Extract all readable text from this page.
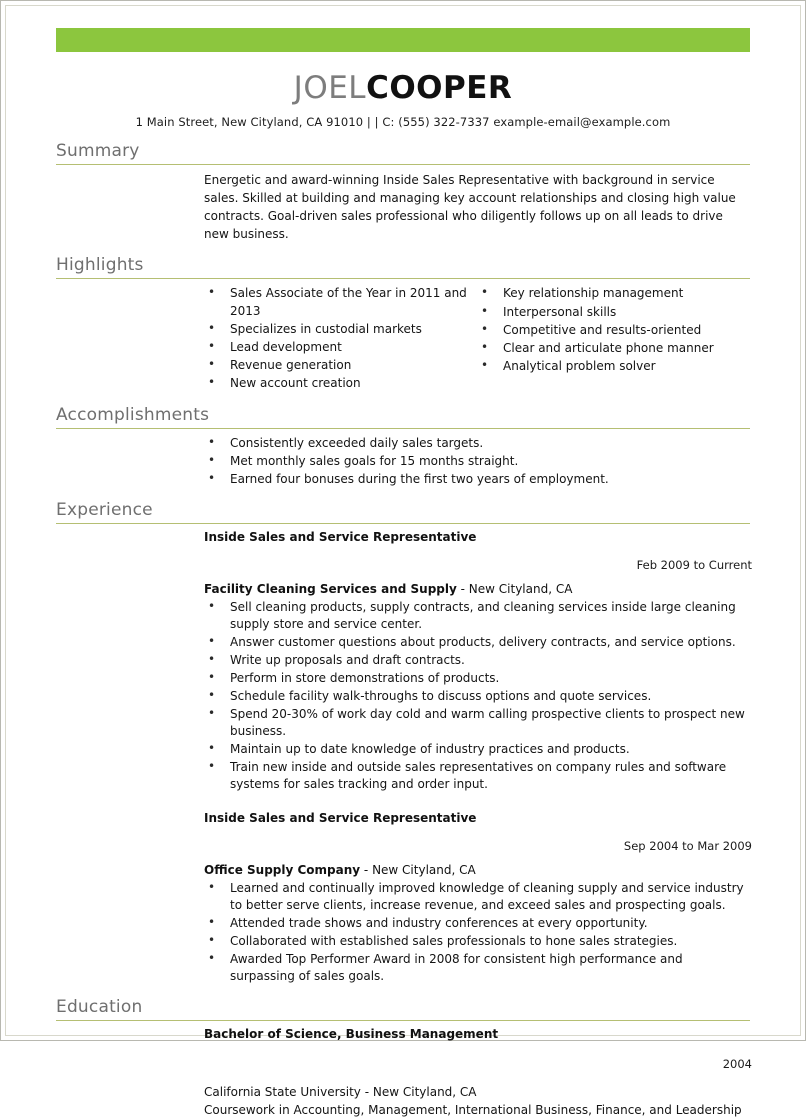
JOELCOOPER
1 Main Street, New Cityland, CA 91010 | | C: (555) 322-7337 example-email@example.com
Summary
Energetic and award-winning Inside Sales Representative with background in service sales. Skilled at building and managing key account relationships and closing high value contracts. Goal-driven sales professional who diligently follows up on all leads to drive new business.
Highlights
• Sales Associate of the Year in 2011 and 2013
• Specializes in custodial markets
• Lead development
• Revenue generation
• New account creation
• Key relationship management
• Interpersonal skills
• Competitive and results-oriented
• Clear and articulate phone manner
• Analytical problem solver
Accomplishments
• Consistently exceeded daily sales targets.
• Met monthly sales goals for 15 months straight.
• Earned four bonuses during the first two years of employment.
Experience
Inside Sales and Service Representative
Feb 2009 to Current
Facility Cleaning Services and Supply - New Cityland, CA
• Sell cleaning products, supply contracts, and cleaning services inside large cleaning supply store and service center.
• Answer customer questions about products, delivery contracts, and service options.
• Write up proposals and draft contracts.
• Perform in store demonstrations of products.
• Schedule facility walk-throughs to discuss options and quote services.
• Spend 20-30% of work day cold and warm calling prospective clients to prospect new business.
• Maintain up to date knowledge of industry practices and products.
• Train new inside and outside sales representatives on company rules and software systems for sales tracking and order input.
Inside Sales and Service Representative
Sep 2004 to Mar 2009
Office Supply Company - New Cityland, CA
• Learned and continually improved knowledge of cleaning supply and service industry to better serve clients, increase revenue, and exceed sales and prospecting goals.
• Attended trade shows and industry conferences at every opportunity.
• Collaborated with established sales professionals to hone sales strategies.
• Awarded Top Performer Award in 2008 for consistent high performance and surpassing of sales goals.
Education
Bachelor of Science, Business Management
2004
California State University - New Cityland, CA
Coursework in Accounting, Management, International Business, Finance, and Leadership
